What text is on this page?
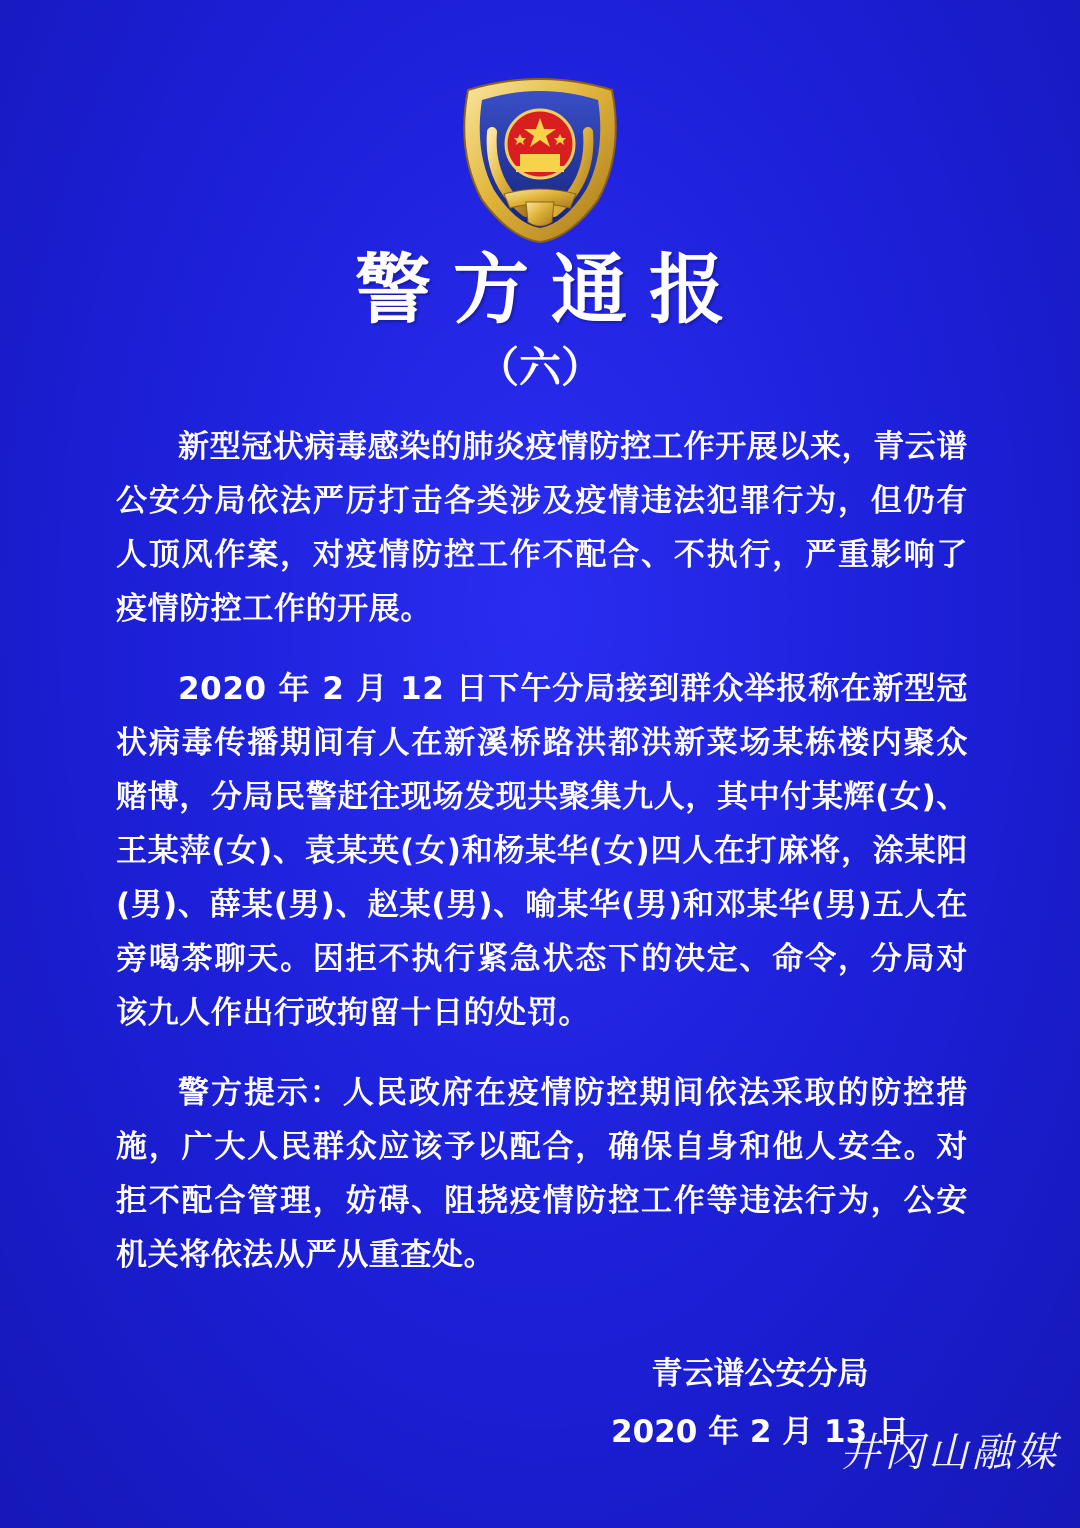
警方通报
（六）

新型冠状病毒感染的肺炎疫情防控工作开展以来，青云谱公安分局依法严厉打击各类涉及疫情违法犯罪行为，但仍有人顶风作案，对疫情防控工作不配合、不执行，严重影响了疫情防控工作的开展。

2020 年 2 月 12 日下午分局接到群众举报称在新型冠状病毒传播期间有人在新溪桥路洪都洪新菜场某栋楼内聚众赌博，分局民警赶往现场发现共聚集九人，其中付某辉(女)、王某萍(女)、袁某英(女)和杨某华(女)四人在打麻将，涂某阳(男)、薛某(男)、赵某(男)、喻某华(男)和邓某华(男)五人在旁喝茶聊天。因拒不执行紧急状态下的决定、命令，分局对该九人作出行政拘留十日的处罚。

警方提示：人民政府在疫情防控期间依法采取的防控措施，广大人民群众应该予以配合，确保自身和他人安全。对拒不配合管理，妨碍、阻挠疫情防控工作等违法行为，公安机关将依法从严从重查处。

青云谱公安分局
2020 年 2 月 13 日
井冈山融媒
